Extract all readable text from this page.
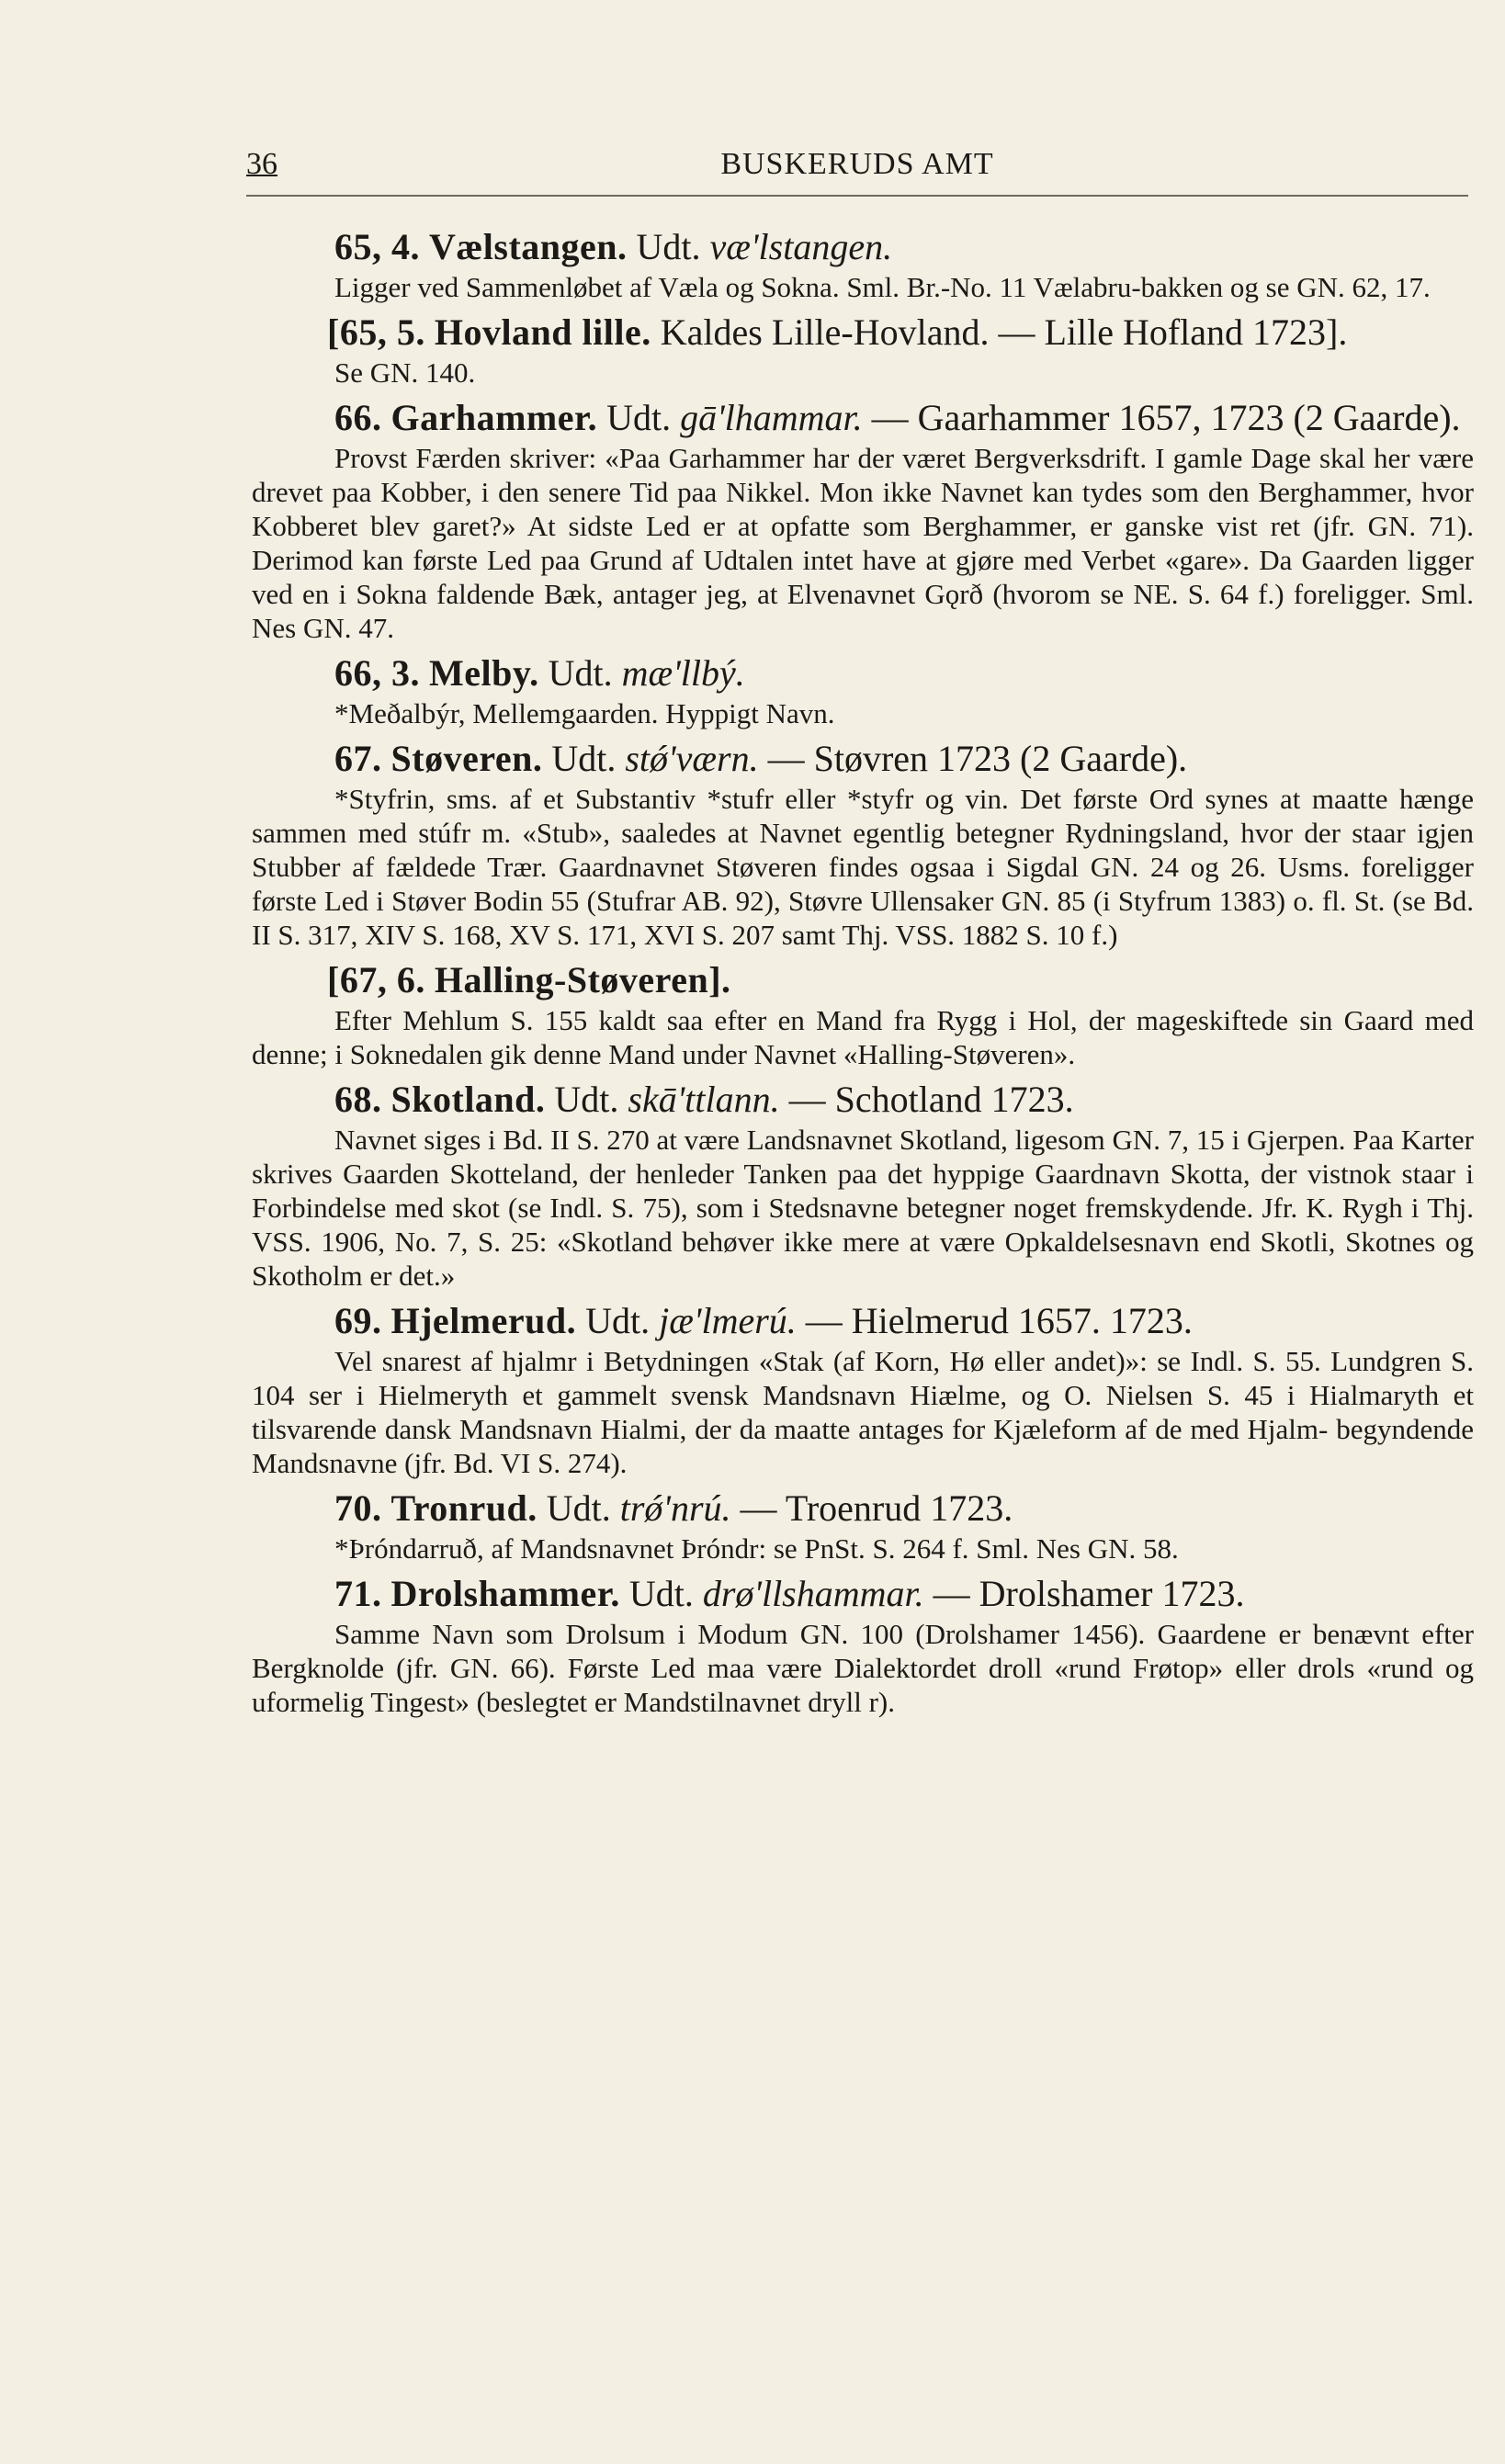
36	BUSKERUDS AMT

65, 4. Vælstangen. Udt. væ'lstangen.

Ligger ved Sammenløbet af Væla og Sokna. Sml. Br.-No. 11 Vælabru-bakken og se GN. 62, 17.

[65, 5. Hovland lille. Kaldes Lille-Hovland. — Lille Hofland 1723].

Se GN. 140.

66. Garhammer. Udt. gā'lhammar. — Gaarhammer 1657, 1723 (2 Gaarde).

Provst Færden skriver: «Paa Garhammer har der været Bergverksdrift. I gamle Dage skal her være drevet paa Kobber, i den senere Tid paa Nikkel. Mon ikke Navnet kan tydes som den Berghammer, hvor Kobberet blev garet?» At sidste Led er at opfatte som Berghammer, er ganske vist ret (jfr. GN. 71). Derimod kan første Led paa Grund af Udtalen intet have at gjøre med Verbet «gare». Da Gaarden ligger ved en i Sokna faldende Bæk, antager jeg, at Elvenavnet Gǫrð (hvorom se NE. S. 64 f.) foreligger. Sml. Nes GN. 47.

66, 3. Melby. Udt. mæ'llbý.

*Meðalbýr, Mellemgaarden. Hyppigt Navn.

67. Støveren. Udt. stǿ'værn. — Støvren 1723 (2 Gaarde).

*Styfrin, sms. af et Substantiv *stufr eller *styfr og vin. Det første Ord synes at maatte hænge sammen med stúfr m. «Stub», saaledes at Navnet egentlig betegner Rydningsland, hvor der staar igjen Stubber af fældede Trær. Gaardnavnet Støveren findes ogsaa i Sigdal GN. 24 og 26. Usms. foreligger første Led i Støver Bodin 55 (Stufrar AB. 92), Støvre Ullensaker GN. 85 (i Styfrum 1383) o. fl. St. (se Bd. II S. 317, XIV S. 168, XV S. 171, XVI S. 207 samt Thj. VSS. 1882 S. 10 f.)

[67, 6. Halling-Støveren].

Efter Mehlum S. 155 kaldt saa efter en Mand fra Rygg i Hol, der mageskiftede sin Gaard med denne; i Soknedalen gik denne Mand under Navnet «Halling-Støveren».

68. Skotland. Udt. skā'ttlann. — Schotland 1723.

Navnet siges i Bd. II S. 270 at være Landsnavnet Skotland, ligesom GN. 7, 15 i Gjerpen. Paa Karter skrives Gaarden Skotteland, der henleder Tanken paa det hyppige Gaardnavn Skotta, der vistnok staar i Forbindelse med skot (se Indl. S. 75), som i Stedsnavne betegner noget fremskydende. Jfr. K. Rygh i Thj. VSS. 1906, No. 7, S. 25: «Skotland behøver ikke mere at være Opkaldelsesnavn end Skotli, Skotnes og Skotholm er det.»

69. Hjelmerud. Udt. jæ'lmerú. — Hielmerud 1657. 1723.

Vel snarest af hjalmr i Betydningen «Stak (af Korn, Hø eller andet)»: se Indl. S. 55. Lundgren S. 104 ser i Hielmeryth et gammelt svensk Mandsnavn Hiælme, og O. Nielsen S. 45 i Hialmaryth et tilsvarende dansk Mandsnavn Hialmi, der da maatte antages for Kjæleform af de med Hjalm- begyndende Mandsnavne (jfr. Bd. VI S. 274).

70. Tronrud. Udt. trǿ'nrú. — Troenrud 1723.

*Þróndarruð, af Mandsnavnet Þróndr: se PnSt. S. 264 f. Sml. Nes GN. 58.

71. Drolshammer. Udt. drø'llshammar. — Drolshamer 1723.

Samme Navn som Drolsum i Modum GN. 100 (Drolshamer 1456). Gaardene er benævnt efter Bergknolde (jfr. GN. 66). Første Led maa være Dialektordet droll «rund Frøtop» eller drols «rund og uformelig Tingest» (beslegtet er Mandstilnavnet dryll r).
